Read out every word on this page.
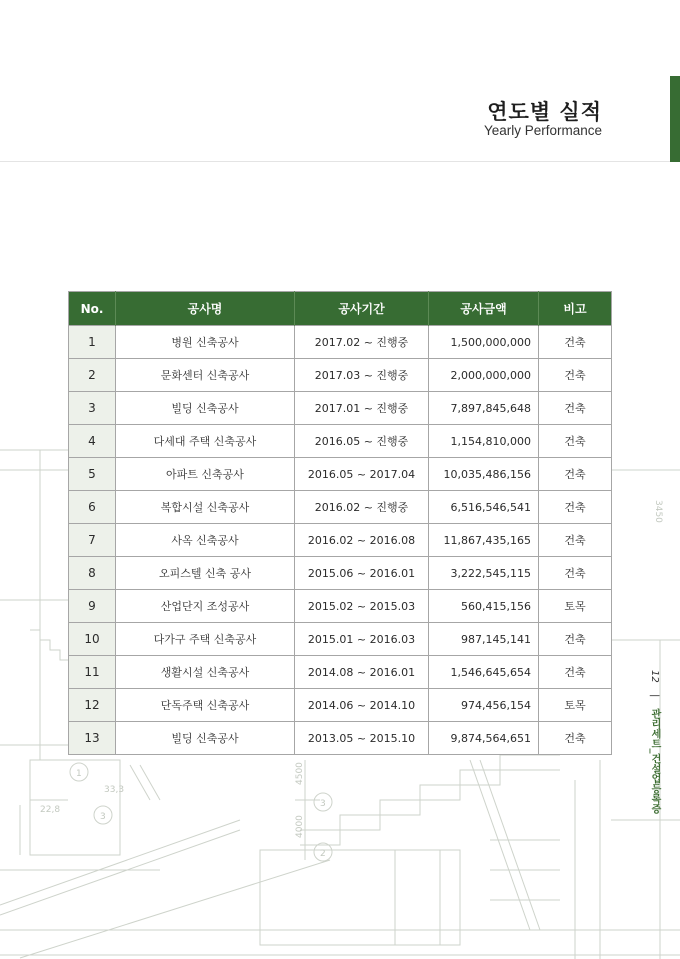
33,3
22,8
4500
4000
3450
1
3
3
2
연도별 실적

Yearly Performance

No.	공사명	공사기간	공사금액	비고
1	병원 신축공사	2017.02 ~ 진행중	1,500,000,000	건축
2	문화센터 신축공사	2017.03 ~ 진행중	2,000,000,000	건축
3	빌딩 신축공사	2017.01 ~ 진행중	7,897,845,648	건축
4	다세대 주택 신축공사	2016.05 ~ 진행중	1,154,810,000	건축
5	아파트 신축공사	2016.05 ~ 2017.04	10,035,486,156	건축
6	복합시설 신축공사	2016.02 ~ 진행중	6,516,546,541	건축
7	사옥 신축공사	2016.02 ~ 2016.08	11,867,435,165	건축
8	오피스텔 신축 공사	2015.06 ~ 2016.01	3,222,545,115	건축
9	산업단지 조성공사	2015.02 ~ 2015.03	560,415,156	토목
10	다가구 주택 신축공사	2015.01 ~ 2016.03	987,145,141	건축
11	생활시설 신축공사	2014.08 ~ 2016.01	1,546,645,654	건축
12	단독주택 신축공사	2014.06 ~ 2014.10	974,456,154	토목
13	빌딩 신축공사	2013.05 ~ 2015.10	9,874,564,651	건축
12 | 관리세트_건설업등록증
